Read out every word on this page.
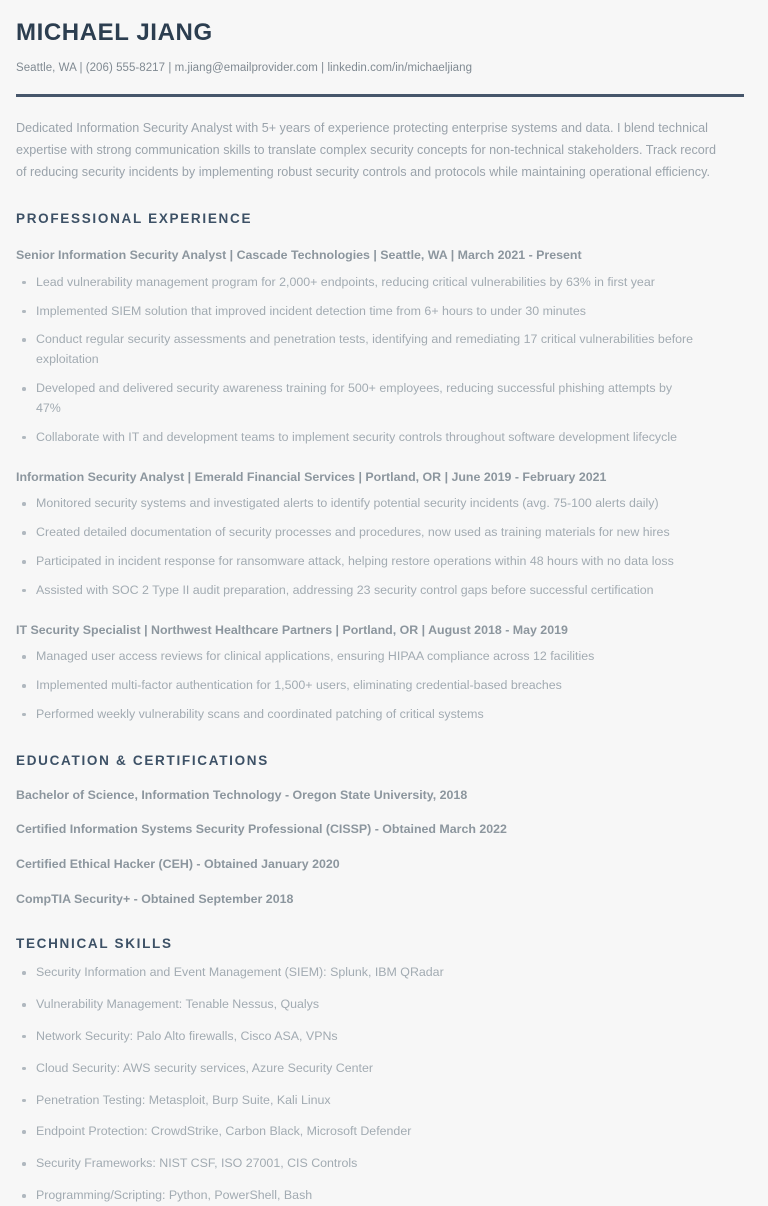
MICHAEL JIANG
Seattle, WA | (206) 555-8217 | m.jiang@emailprovider.com | linkedin.com/in/michaeljiang

Dedicated Information Security Analyst with 5+ years of experience protecting enterprise systems and data. I blend technical expertise with strong communication skills to translate complex security concepts for non-technical stakeholders. Track record of reducing security incidents by implementing robust security controls and protocols while maintaining operational efficiency.

PROFESSIONAL EXPERIENCE
Senior Information Security Analyst | Cascade Technologies | Seattle, WA | March 2021 - Present
Lead vulnerability management program for 2,000+ endpoints, reducing critical vulnerabilities by 63% in first year
Implemented SIEM solution that improved incident detection time from 6+ hours to under 30 minutes
Conduct regular security assessments and penetration tests, identifying and remediating 17 critical vulnerabilities before exploitation
Developed and delivered security awareness training for 500+ employees, reducing successful phishing attempts by 47%
Collaborate with IT and development teams to implement security controls throughout software development lifecycle
Information Security Analyst | Emerald Financial Services | Portland, OR | June 2019 - February 2021
Monitored security systems and investigated alerts to identify potential security incidents (avg. 75-100 alerts daily)
Created detailed documentation of security processes and procedures, now used as training materials for new hires
Participated in incident response for ransomware attack, helping restore operations within 48 hours with no data loss
Assisted with SOC 2 Type II audit preparation, addressing 23 security control gaps before successful certification
IT Security Specialist | Northwest Healthcare Partners | Portland, OR | August 2018 - May 2019
Managed user access reviews for clinical applications, ensuring HIPAA compliance across 12 facilities
Implemented multi-factor authentication for 1,500+ users, eliminating credential-based breaches
Performed weekly vulnerability scans and coordinated patching of critical systems
EDUCATION & CERTIFICATIONS
Bachelor of Science, Information Technology - Oregon State University, 2018
Certified Information Systems Security Professional (CISSP) - Obtained March 2022
Certified Ethical Hacker (CEH) - Obtained January 2020
CompTIA Security+ - Obtained September 2018
TECHNICAL SKILLS
Security Information and Event Management (SIEM): Splunk, IBM QRadar
Vulnerability Management: Tenable Nessus, Qualys
Network Security: Palo Alto firewalls, Cisco ASA, VPNs
Cloud Security: AWS security services, Azure Security Center
Penetration Testing: Metasploit, Burp Suite, Kali Linux
Endpoint Protection: CrowdStrike, Carbon Black, Microsoft Defender
Security Frameworks: NIST CSF, ISO 27001, CIS Controls
Programming/Scripting: Python, PowerShell, Bash
